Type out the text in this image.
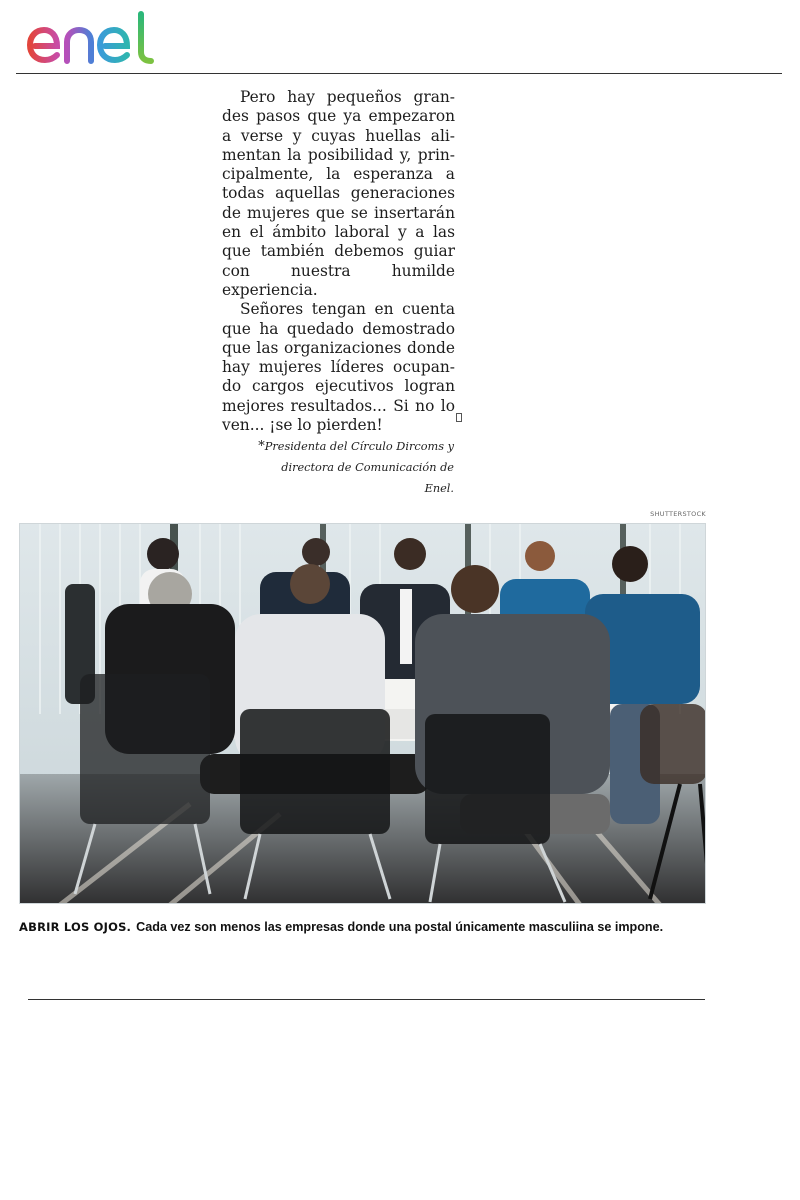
Pero hay pequeños grandes pasos que ya empezaron a verse y cuyas huellas alimentan la posibilidad y, principalmente, la esperanza a todas aquellas generaciones de mujeres que se insertarán en el ámbito laboral y a las que también debemos guiar con nuestra humilde experiencia.

Señores tengan en cuenta que ha quedado demostrado que las organizaciones donde hay mujeres líderes ocupando cargos ejecutivos logran mejores resultados... Si no lo ven... ¡se lo pierden!

*Presidenta del Círculo Dircoms y
directora de Comunicación de Enel.
SHUTTERSTOCK
ABRIR LOS OJOS. Cada vez son menos las empresas donde una postal únicamente masculiina se impone.
